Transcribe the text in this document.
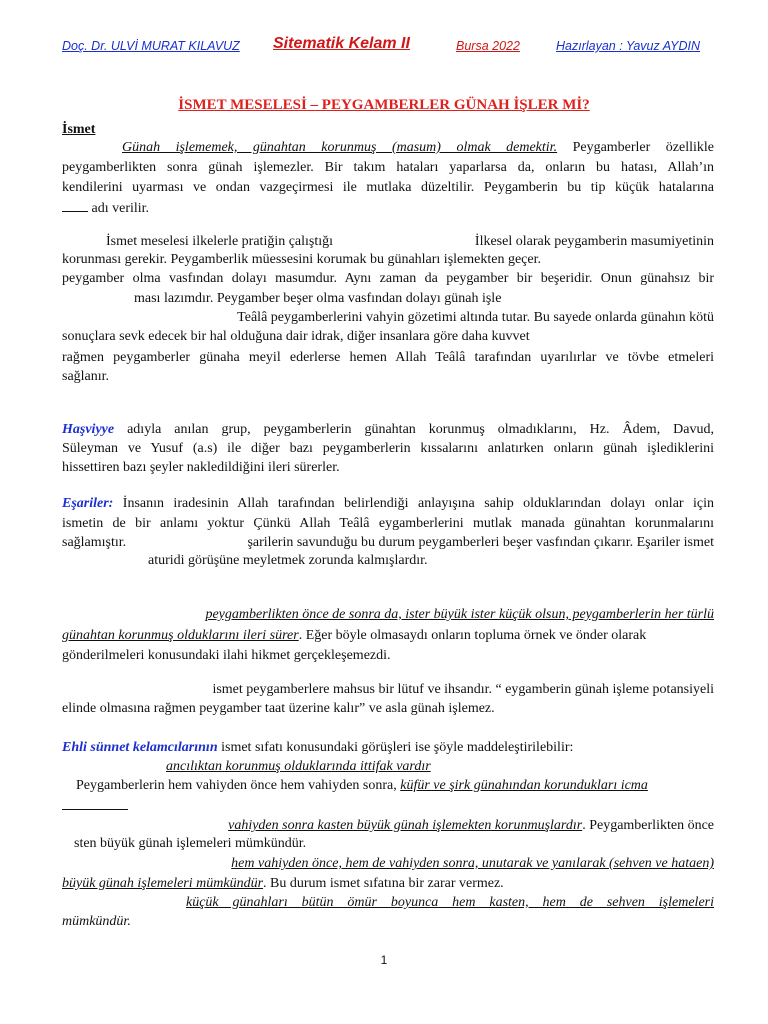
Doç. Dr. ULVİ MURAT KILAVUZ Sitematik Kelam II	Bursa 2022	Hazırlayan : Yavuz AYDIN
İSMET MESELESİ – PEYGAMBERLER GÜNAH İŞLER Mİ?
İsmet
Günah işlememek, günahtan korunmuş (masum) olmak demektir. Peygamberler özellikle
peygamberlikten sonra günah işlemezler. Bir takım hataları yaparlarsa da, onların bu hatası, Allah’ın
kendilerini uyarması ve ondan vazgeçirmesi ile mutlaka düzeltilir. Peygamberin bu tip küçük hatalarına
adı verilir.
İsmet meselesi ilkelerle pratiğin çalıştığı	İlkesel olarak peygamberin masumiyetinin
korunması gerekir. Peygamberlik müessesini korumak bu günahları işlemekten geçer.
peygamber olma vasfından dolayı masumdur. Aynı zaman da peygamber bir beşeridir. Onun günahsız bir
ması lazımdır. Peygamber beşer olma vasfından dolayı günah işle
Teâlâ peygamberlerini vahyin gözetimi altında tutar. Bu sayede onlarda günahın kötü
sonuçlara sevk edecek bir hal olduğuna dair idrak, diğer insanlara göre daha kuvvet
rağmen peygamberler günaha meyil ederlerse hemen Allah Teâlâ tarafından uyarılırlar ve tövbe etmeleri
sağlanır.
Haşviyye adıyla anılan grup, peygamberlerin günahtan korunmuş olmadıklarını, Hz. Âdem, Davud,
Süleyman ve Yusuf (a.s) ile diğer bazı peygamberlerin kıssalarını anlatırken onların günah işlediklerini
hissettiren bazı şeyler nakledildiğini ileri sürerler.
Eşariler: İnsanın iradesinin Allah tarafından belirlendiği anlayışına sahip olduklarından dolayı onlar için
ismetin de bir anlamı yoktur Çünkü Allah Teâlâ eygamberlerini mutlak manada günahtan korunmalarını
sağlamıştır.	şarilerin savunduğu bu durum peygamberleri beşer vasfından çıkarır. Eşariler ismet
aturidi görüşüne meyletmek zorunda kalmışlardır.
peygamberlikten önce de sonra da, ister büyük ister küçük olsun, peygamberlerin her türlü
günahtan korunmuş olduklarını ileri sürer. Eğer böyle olmasaydı onların topluma örnek ve önder olarak
gönderilmeleri konusundaki ilahi hikmet gerçekleşemezdi.
ismet peygamberlere mahsus bir lütuf ve ihsandır. “ eygamberin günah işleme potansiyeli
elinde olmasına rağmen peygamber taat üzerine kalır” ve asla günah işlemez.
Ehli sünnet kelamcılarının ismet sıfatı konusundaki görüşleri ise şöyle maddeleştirilebilir:
ancılıktan korunmuş olduklarında ittifak vardır
Peygamberlerin hem vahiyden önce hem vahiyden sonra, küfür ve şirk günahından korundukları icma
vahiyden sonra kasten büyük günah işlemekten korunmuşlardır. Peygamberlikten önce
sten büyük günah işlemeleri mümkündür.
hem vahiyden önce, hem de vahiyden sonra, unutarak ve yanılarak (sehven ve hataen)
büyük günah işlemeleri mümkündür. Bu durum ismet sıfatına bir zarar vermez.
küçük günahları bütün ömür boyunca hem kasten, hem de sehven işlemeleri
mümkündür.
1
